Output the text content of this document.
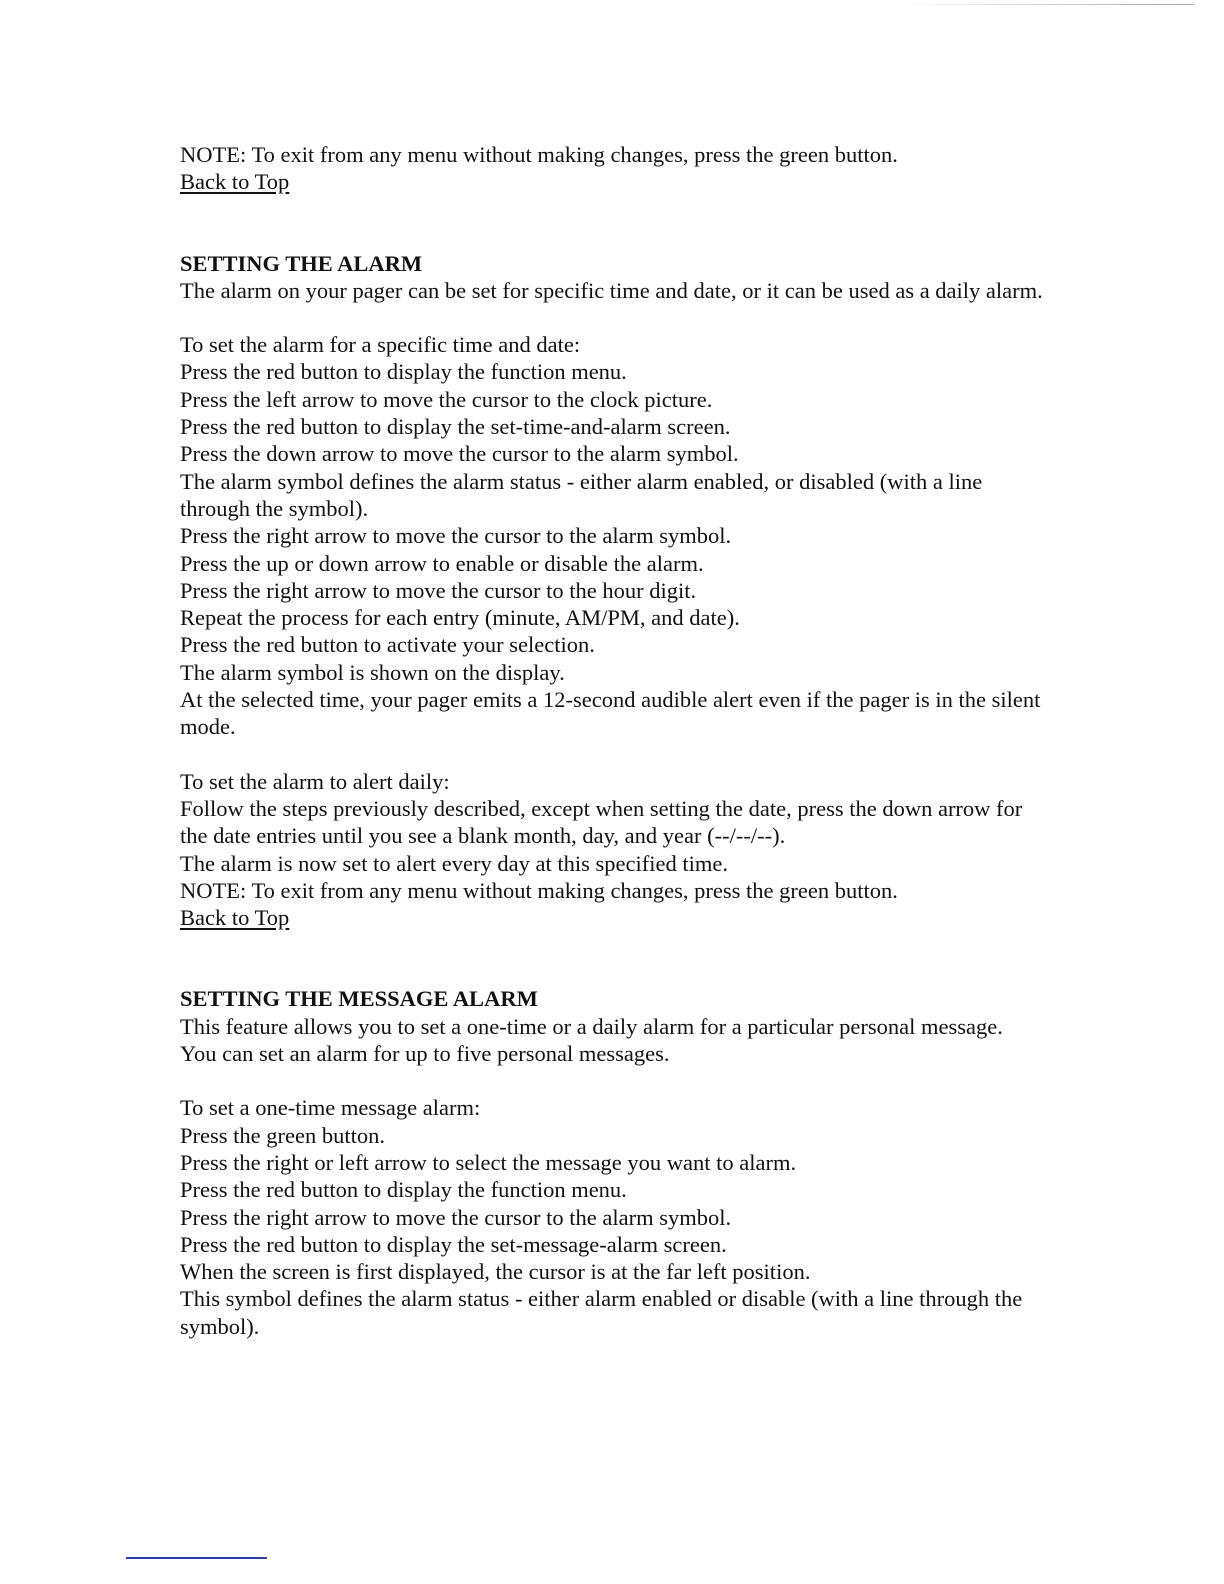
NOTE: To exit from any menu without making changes, press the green button.

Back to Top

SETTING THE ALARM

The alarm on your pager can be set for specific time and date, or it can be used as a daily alarm.

To set the alarm for a specific time and date:

Press the red button to display the function menu.

Press the left arrow to move the cursor to the clock picture.

Press the red button to display the set-time-and-alarm screen.

Press the down arrow to move the cursor to the alarm symbol.

The alarm symbol defines the alarm status - either alarm enabled, or disabled (with a line through the symbol).

Press the right arrow to move the cursor to the alarm symbol.

Press the up or down arrow to enable or disable the alarm.

Press the right arrow to move the cursor to the hour digit.

Repeat the process for each entry (minute, AM/PM, and date).

Press the red button to activate your selection.

The alarm symbol is shown on the display.

At the selected time, your pager emits a 12-second audible alert even if the pager is in the silent mode.

To set the alarm to alert daily:

Follow the steps previously described, except when setting the date, press the down arrow for the date entries until you see a blank month, day, and year (--/--/--).

The alarm is now set to alert every day at this specified time.

NOTE: To exit from any menu without making changes, press the green button.

Back to Top

SETTING THE MESSAGE ALARM

This feature allows you to set a one-time or a daily alarm for a particular personal message.

You can set an alarm for up to five personal messages.

To set a one-time message alarm:

Press the green button.

Press the right or left arrow to select the message you want to alarm.

Press the red button to display the function menu.

Press the right arrow to move the cursor to the alarm symbol.

Press the red button to display the set-message-alarm screen.

When the screen is first displayed, the cursor is at the far left position.

This symbol defines the alarm status - either alarm enabled or disable (with a line through the symbol).
